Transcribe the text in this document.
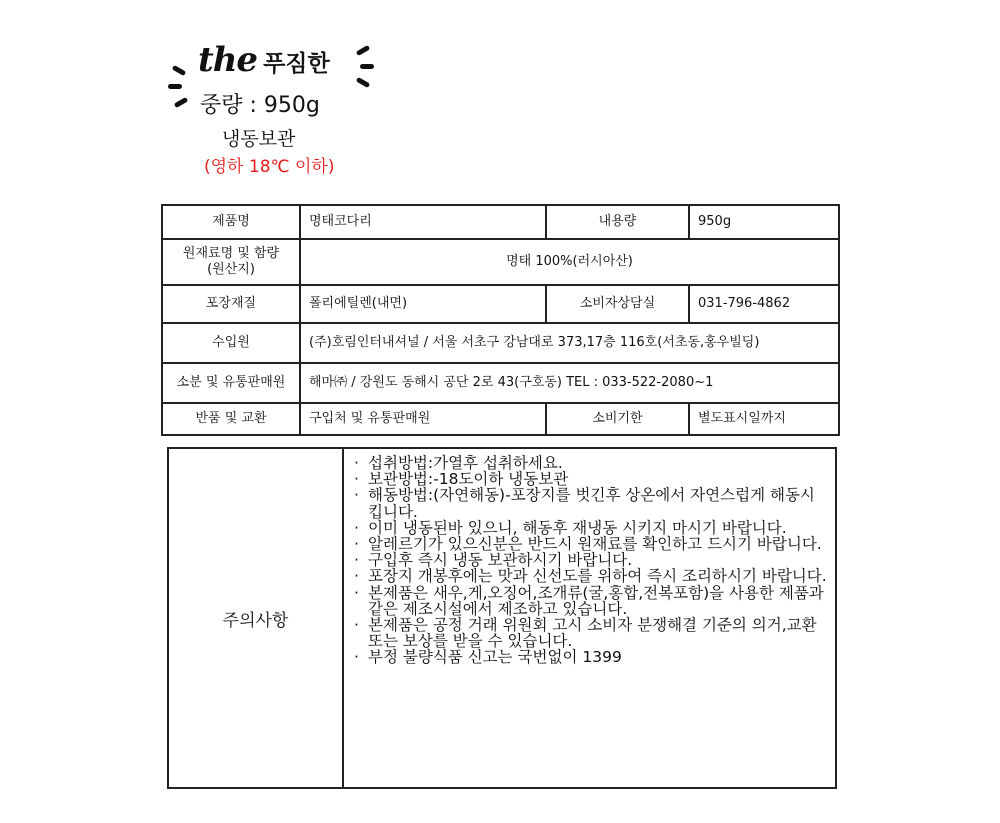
the 푸짐한
중량 : 950g
냉동보관
(영하 18℃ 이하)
제품명	명태코다리	내용량	950g
원재료명 및 함량
(원산지)	명태 100%(러시아산)		
포장재질	폴리에틸렌(내면)	소비자상담실	031-796-4862
수입원	(주)호림인터내셔널 / 서울 서초구 강남대로 373,17층 116호(서초동,홍우빌딩)		
소분 및 유통판매원	해마㈜ / 강원도 동해시 공단 2로 43(구호동) TEL : 033-522-2080~1		
반품 및 교환	구입처 및 유통판매원	소비기한	별도표시일까지
주의사항
· 섭취방법:가열후 섭취하세요.
· 보관방법:-18도이하 냉동보관
· 해동방법:(자연해동)-포장지를 벗긴후 상온에서 자연스럽게 해동시킵니다.
· 이미 냉동된바 있으니, 해동후 재냉동 시키지 마시기 바랍니다.
· 알레르기가 있으신분은 반드시 원재료를 확인하고 드시기 바랍니다.
· 구입후 즉시 냉동 보관하시기 바랍니다.
· 포장지 개봉후에는 맛과 신선도를 위하여 즉시 조리하시기 바랍니다.
· 본제품은 새우,게,오징어,조개류(굴,홍합,전복포함)을 사용한 제품과 같은 제조시설에서 제조하고 있습니다.
· 본제품은 공정 거래 위원회 고시 소비자 분쟁해결 기준의 의거,교환 또는 보상를 받을 수 있습니다.
· 부정 불량식품 신고는 국번없이 1399
